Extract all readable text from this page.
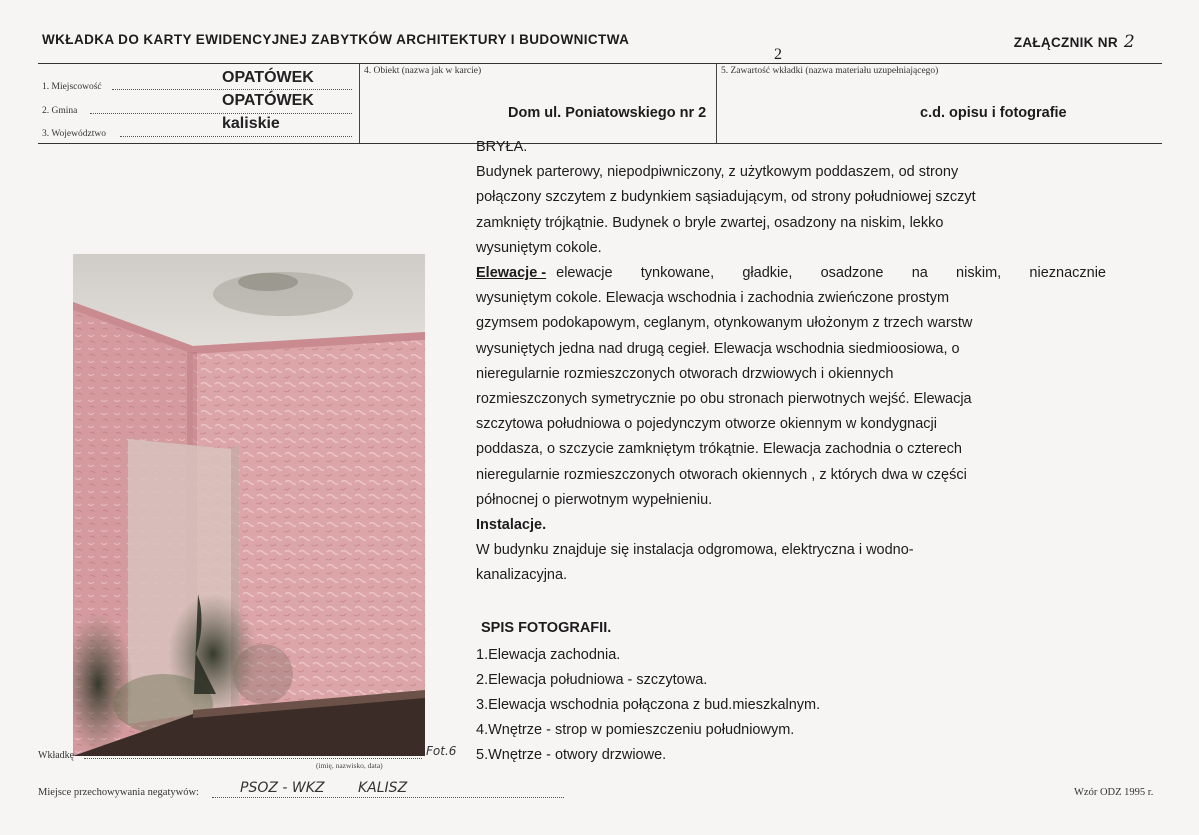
WKŁADKA DO KARTY EWIDENCYJNEJ ZABYTKÓW ARCHITEKTURY I BUDOWNICTWA	ZAŁĄCZNIK NR 2
2
1. Miejscowość
OPATÓWEK
2. Gmina
OPATÓWEK
3. Województwo
kaliskie
4. Obiekt (nazwa jak w karcie)
Dom ul. Poniatowskiego nr 2
5. Zawartość wkładki (nazwa materiału uzupełniającego)
c.d. opisu i fotografie

BRYŁA.

Budynek parterowy, niepodpiwniczony, z użytkowym poddaszem, od strony

połączony szczytem z budynkiem sąsiadującym, od strony południowej szczyt

zamknięty trójkątnie. Budynek o bryle zwartej, osadzony na niskim, lekko

wysuniętym cokole.

Elewacje - elewacje tynkowane, gładkie, osadzone na niskim, nieznacznie

wysuniętym cokole. Elewacja wschodnia i zachodnia zwieńczone prostym

gzymsem podokapowym, ceglanym, otynkowanym ułożonym z trzech warstw

wysuniętych jedna nad drugą cegieł. Elewacja wschodnia siedmioosiowa, o

nieregularnie rozmieszczonych otworach drzwiowych i okiennych

rozmieszczonych symetrycznie po obu stronach pierwotnych wejść. Elewacja

szczytowa południowa o pojedynczym otworze okiennym w kondygnacji

poddasza, o szczycie zamkniętym trókątnie. Elewacja zachodnia o czterech

nieregularnie rozmieszczonych otworach okiennych , z których dwa w części

północnej o pierwotnym wypełnieniu.

Instalacje.

W budynku znajduje się instalacja odgromowa, elektryczna i wodno-

kanalizacyjna.

SPIS FOTOGRAFII.
1.Elewacja zachodnia.
2.Elewacja południowa - szczytowa.
3.Elewacja wschodnia połączona z bud.mieszkalnym.
4.Wnętrze - strop w pomieszczeniu południowym.
5.Wnętrze - otwory drzwiowe.
Wkładkę
(imię, nazwisko, data)
Fot.6
Miejsce przechowywania negatywów:	PSOZ - WKZ KALISZ	Wzór ODZ 1995 r.
